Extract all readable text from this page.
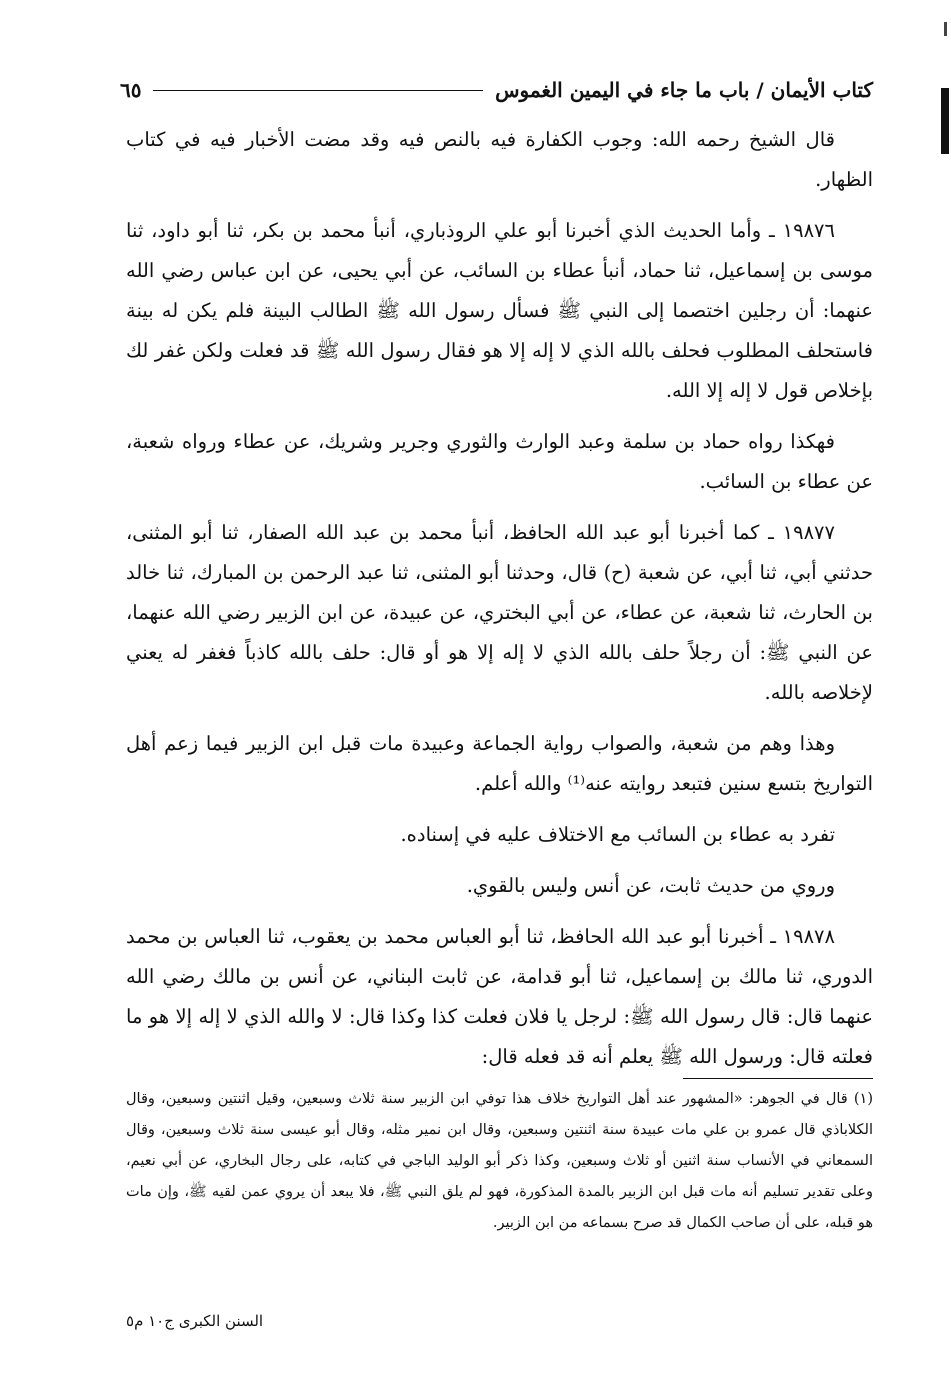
كتاب الأيمان / باب ما جاء في اليمين الغموس
٦٥

قال الشيخ رحمه الله: وجوب الكفارة فيه بالنص فيه وقد مضت الأخبار فيه في كتاب الظهار.

١٩٨٧٦ ـ وأما الحديث الذي أخبرنا أبو علي الروذباري، أنبأ محمد بن بكر، ثنا أبو داود، ثنا موسى بن إسماعيل، ثنا حماد، أنبأ عطاء بن السائب، عن أبي يحيى، عن ابن عباس رضي الله عنهما: أن رجلين اختصما إلى النبي ﷺ فسأل رسول الله ﷺ الطالب البينة فلم يكن له بينة فاستحلف المطلوب فحلف بالله الذي لا إله إلا هو فقال رسول الله ﷺ قد فعلت ولكن غفر لك بإخلاص قول لا إله إلا الله.

فهكذا رواه حماد بن سلمة وعبد الوارث والثوري وجرير وشريك، عن عطاء ورواه شعبة، عن عطاء بن السائب.

١٩٨٧٧ ـ كما أخبرنا أبو عبد الله الحافظ، أنبأ محمد بن عبد الله الصفار، ثنا أبو المثنى، حدثني أبي، ثنا أبي، عن شعبة (ح) قال، وحدثنا أبو المثنى، ثنا عبد الرحمن بن المبارك، ثنا خالد بن الحارث، ثنا شعبة، عن عطاء، عن أبي البختري، عن عبيدة، عن ابن الزبير رضي الله عنهما، عن النبي ﷺ: أن رجلاً حلف بالله الذي لا إله إلا هو أو قال: حلف بالله كاذباً فغفر له يعني لإخلاصه بالله.

وهذا وهم من شعبة، والصواب رواية الجماعة وعبيدة مات قبل ابن الزبير فيما زعم أهل التواريخ بتسع سنين فتبعد روايته عنه⁽¹⁾ والله أعلم.

تفرد به عطاء بن السائب مع الاختلاف عليه في إسناده.

وروي من حديث ثابت، عن أنس وليس بالقوي.

١٩٨٧٨ ـ أخبرنا أبو عبد الله الحافظ، ثنا أبو العباس محمد بن يعقوب، ثنا العباس بن محمد الدوري، ثنا مالك بن إسماعيل، ثنا أبو قدامة، عن ثابت البناني، عن أنس بن مالك رضي الله عنهما قال: قال رسول الله ﷺ: لرجل يا فلان فعلت كذا وكذا قال: لا والله الذي لا إله إلا هو ما فعلته قال: ورسول الله ﷺ يعلم أنه قد فعله قال:

(١) قال في الجوهر: «المشهور عند أهل التواريخ خلاف هذا توفي ابن الزبير سنة ثلاث وسبعين، وقيل اثنتين وسبعين، وقال الكلاباذي قال عمرو بن علي مات عبيدة سنة اثنتين وسبعين، وقال ابن نمير مثله، وقال أبو عيسى سنة ثلاث وسبعين، وقال السمعاني في الأنساب سنة اثنين أو ثلاث وسبعين، وكذا ذكر أبو الوليد الباجي في كتابه، على رجال البخاري، عن أبي نعيم، وعلى تقدير تسليم أنه مات قبل ابن الزبير بالمدة المذكورة، فهو لم يلق النبي ﷺ، فلا يبعد أن يروي عمن لقيه ﷺ، وإن مات هو قبله، على أن صاحب الكمال قد صرح بسماعه من ابن الزبير.

السنن الكبرى ج١٠ م٥
